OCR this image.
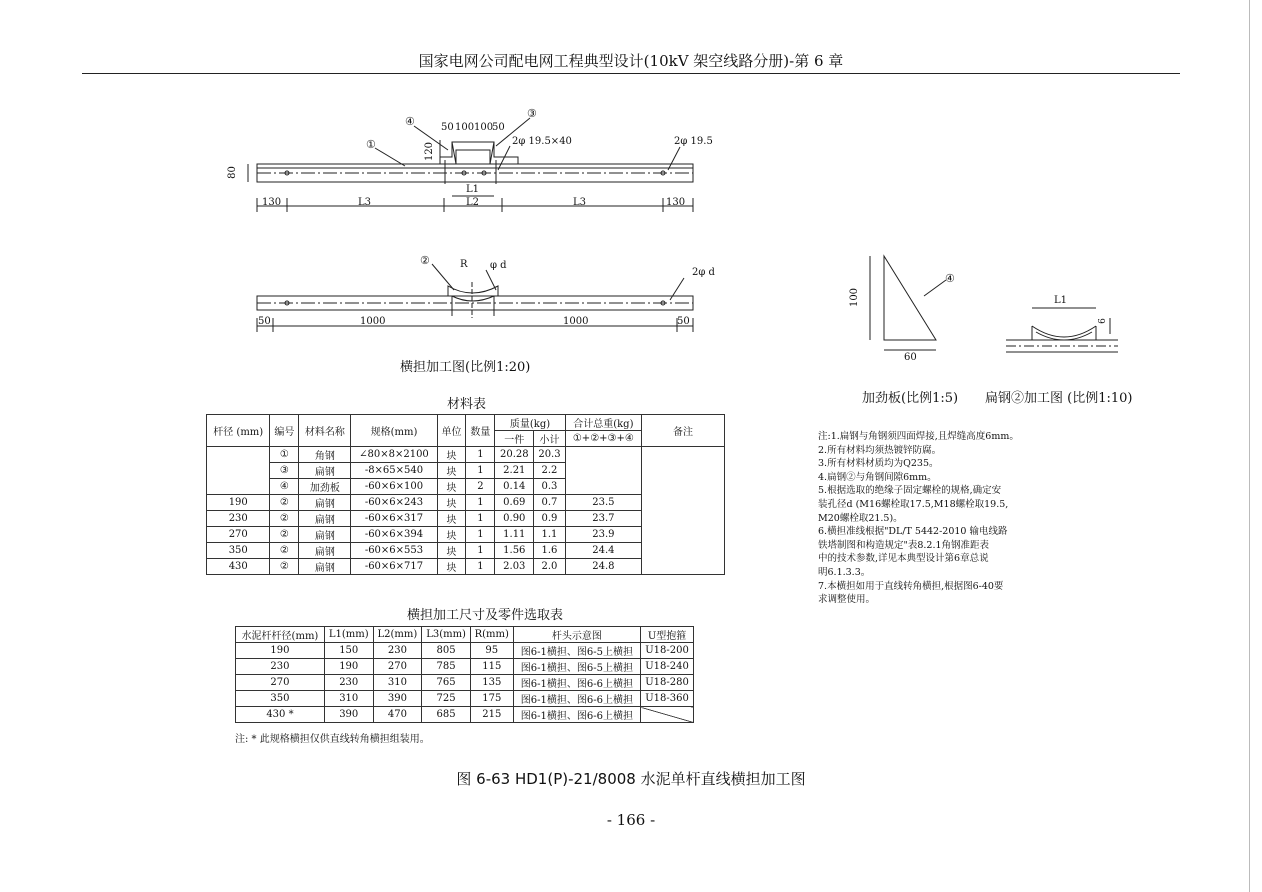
国家电网公司配电网工程典型设计(10kV 架空线路分册)-第 6 章
①
④
③
50 100 100
50
120
80
2φ 19.5×40	2φ 19.5
L1
130	L3	L2	L3	130
②	R φ d
2φ d
50	1000	1000	50
横担加工图(比例1:20)
100
60
④
加劲板(比例1:5)
L1
6
扁钢②加工图 (比例1:10)
材料表
杆径 (mm)	编号	材料名称	规格(mm)	单位	数量	质量(kg)		合计总重(kg)	备注
						一件	小计	①+②+③+④	
	①	角钢	∠80×8×2100	块	1	20.28	20.3		
	③	扁钢	-8×65×540	块	1	2.21	2.2		
	④	加劲板	-60×6×100	块	2	0.14	0.3		
190	②	扁钢	-60×6×243	块	1	0.69	0.7	23.5	
230	②	扁钢	-60×6×317	块	1	0.90	0.9	23.7	
270	②	扁钢	-60×6×394	块	1	1.11	1.1	23.9	
350	②	扁钢	-60×6×553	块	1	1.56	1.6	24.4	
430	②	扁钢	-60×6×717	块	1	2.03	2.0	24.8	
横担加工尺寸及零件选取表
水泥杆杆径(mm)	L1(mm)	L2(mm)	L3(mm)	R(mm)	杆头示意图	U型抱箍
190	150	230	805	95	图6-1横担、图6-5上横担	U18-200
230	190	270	785	115	图6-1横担、图6-5上横担	U18-240
270	230	310	765	135	图6-1横担、图6-6上横担	U18-280
350	310	390	725	175	图6-1横担、图6-6上横担	U18-360
430 *	390	470	685	215	图6-1横担、图6-6上横担	
注: * 此规格横担仅供直线转角横担组装用。
注:1.扁钢与角钢须四面焊接,且焊缝高度6mm。
2.所有材料均须热镀锌防腐。
3.所有材料材质均为Q235。
4.扁钢②与角钢间隙6mm。
5.根据选取的绝缘子固定螺栓的规格,确定安
装孔径d (M16螺栓取17.5,M18螺栓取19.5,
M20螺栓取21.5)。
6.横担准线根据"DL/T 5442-2010 输电线路
铁塔制图和构造规定"表8.2.1角钢准距表
中的技术参数,详见本典型设计第6章总说
明6.1.3.3。
7.本横担如用于直线转角横担,根据图6-40要
求调整使用。
图 6-63 HD1(P)-21/8008 水泥单杆直线横担加工图
- 166 -
